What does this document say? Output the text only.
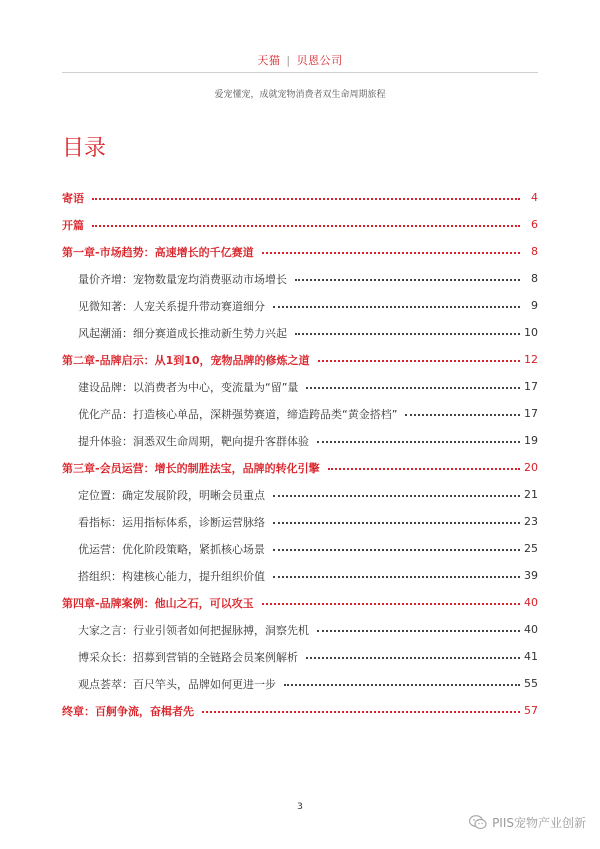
天猫 | 贝恩公司
爱宠懂宠，成就宠物消费者双生命周期旅程
目录
寄语	4
开篇	6
第一章-市场趋势：高速增长的千亿赛道	8
量价齐增：宠物数量宠均消费驱动市场增长	8
见微知著：人宠关系提升带动赛道细分	9
风起潮涌：细分赛道成长推动新生势力兴起	10
第二章-品牌启示：从1到10，宠物品牌的修炼之道	12
建设品牌：以消费者为中心，变流量为“留”量	17
优化产品：打造核心单品，深耕强势赛道，缔造跨品类“黄金搭档”	17
提升体验：洞悉双生命周期，靶向提升客群体验	19
第三章-会员运营：增长的制胜法宝，品牌的转化引擎	20
定位置：确定发展阶段，明晰会员重点	21
看指标：运用指标体系，诊断运营脉络	23
优运营：优化阶段策略，紧抓核心场景	25
搭组织：构建核心能力，提升组织价值	39
第四章-品牌案例：他山之石，可以攻玉	40
大家之言：行业引领者如何把握脉搏，洞察先机	40
博采众长：招募到营销的全链路会员案例解析	41
观点荟萃：百尺竿头，品牌如何更进一步	55
终章：百舸争流，奋楫者先	57
3
PIIS宠物产业创新
